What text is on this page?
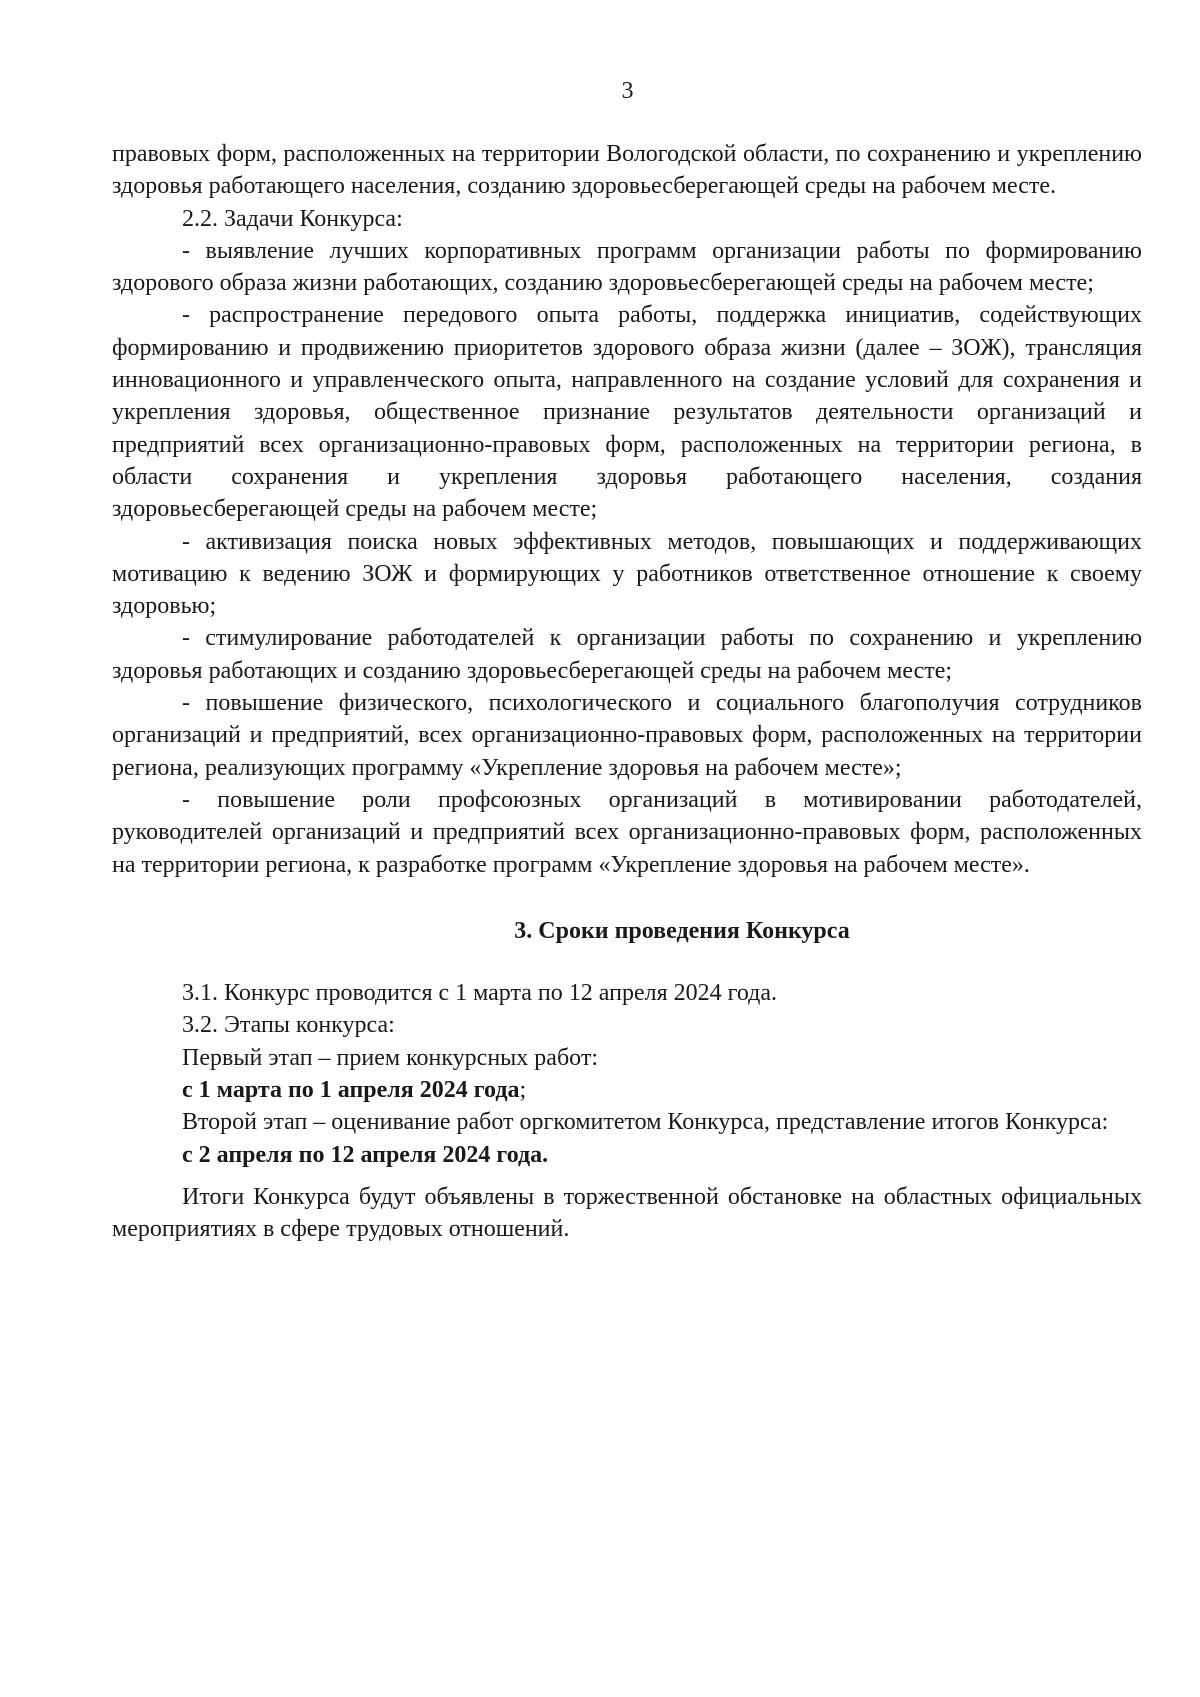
3

правовых форм, расположенных на территории Вологодской области, по сохранению и укреплению здоровья работающего населения, созданию здоровьесберегающей среды на рабочем месте.

2.2. Задачи Конкурса:

- выявление лучших корпоративных программ организации работы по формированию здорового образа жизни работающих, созданию здоровьесберегающей среды на рабочем месте;

- распространение передового опыта работы, поддержка инициатив, содействующих формированию и продвижению приоритетов здорового образа жизни (далее – ЗОЖ), трансляция инновационного и управленческого опыта, направленного на создание условий для сохранения и укрепления здоровья, общественное признание результатов деятельности организаций и предприятий всех организационно-правовых форм, расположенных на территории региона, в области сохранения и укрепления здоровья работающего населения, создания здоровьесберегающей среды на рабочем месте;

- активизация поиска новых эффективных методов, повышающих и поддерживающих мотивацию к ведению ЗОЖ и формирующих у работников ответственное отношение к своему здоровью;

- стимулирование работодателей к организации работы по сохранению и укреплению здоровья работающих и созданию здоровьесберегающей среды на рабочем месте;

- повышение физического, психологического и социального благополучия сотрудников организаций и предприятий, всех организационно-правовых форм, расположенных на территории региона, реализующих программу «Укрепление здоровья на рабочем месте»;

- повышение роли профсоюзных организаций в мотивировании работодателей, руководителей организаций и предприятий всех организационно-правовых форм, расположенных на территории региона, к разработке программ «Укрепление здоровья на рабочем месте».

3. Сроки проведения Конкурса

3.1. Конкурс проводится с 1 марта по 12 апреля 2024 года.

3.2. Этапы конкурса:

Первый этап – прием конкурсных работ:

с 1 марта по 1 апреля 2024 года;

Второй этап – оценивание работ оргкомитетом Конкурса, представление итогов Конкурса:

с 2 апреля по 12 апреля 2024 года.

Итоги Конкурса будут объявлены в торжественной обстановке на областных официальных мероприятиях в сфере трудовых отношений.
